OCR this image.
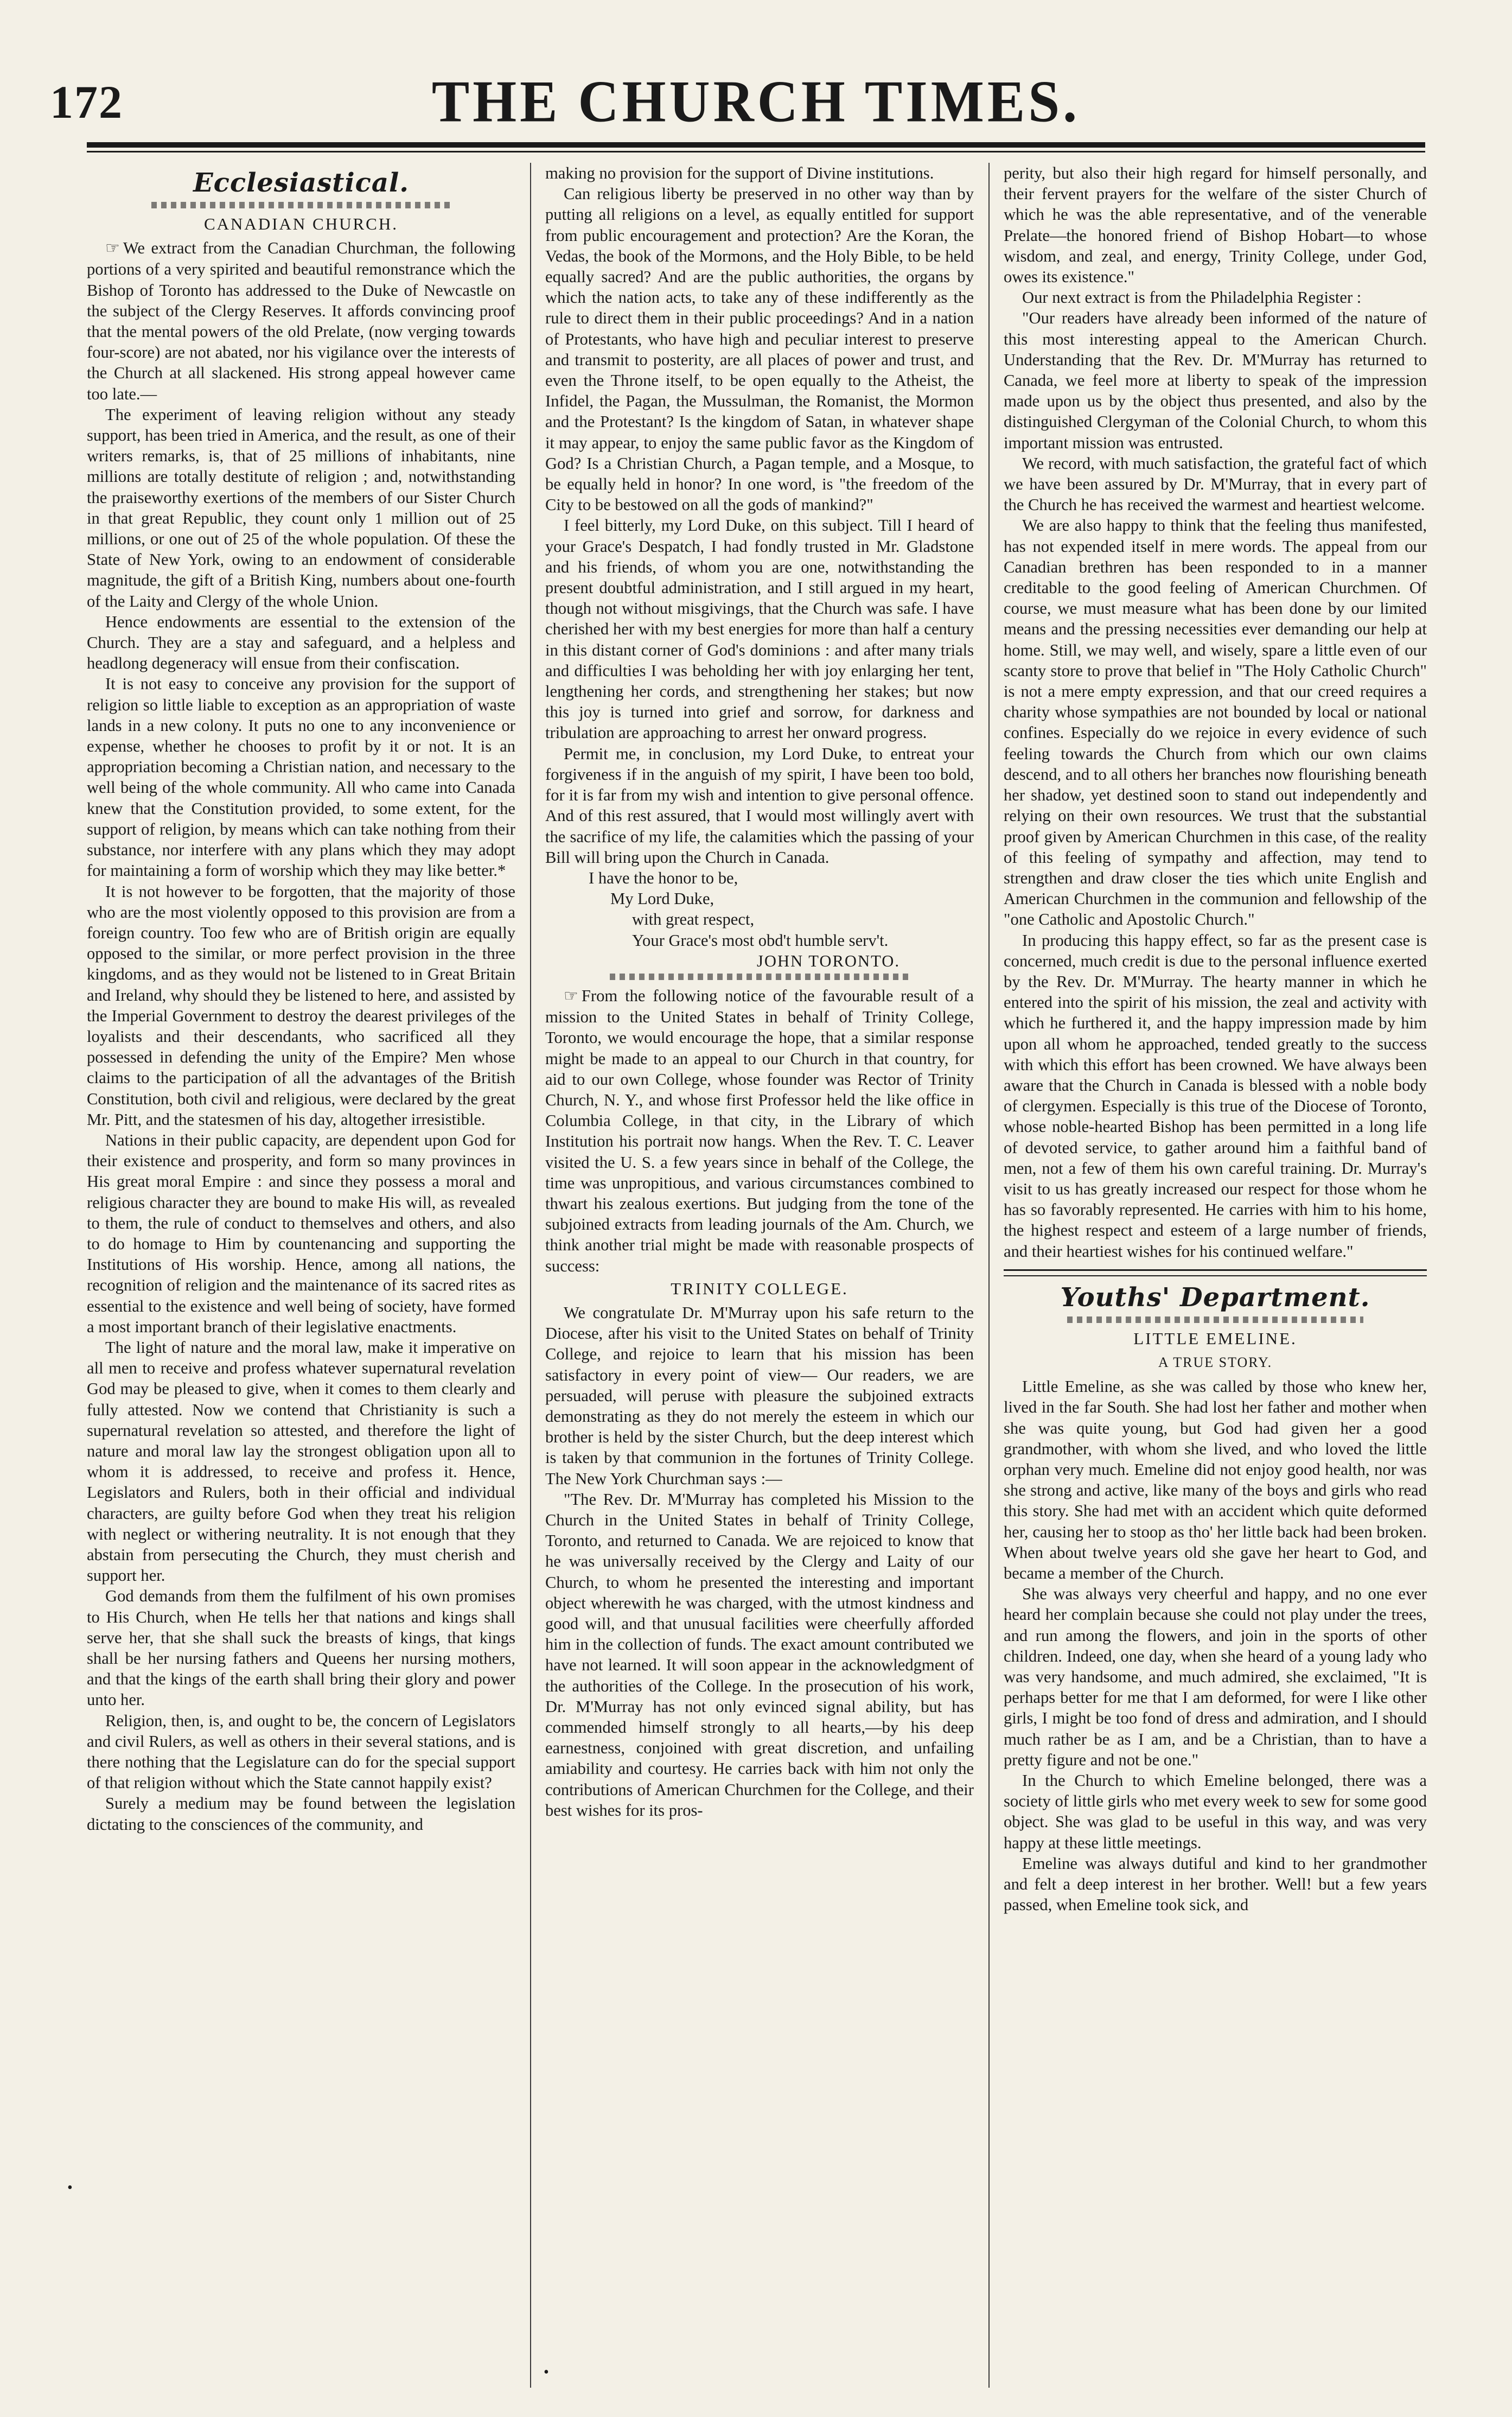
172	THE CHURCH TIMES.
Ecclesiastical.
CANADIAN CHURCH.

☞ We extract from the Canadian Churchman, the following portions of a very spirited and beautiful remonstrance which the Bishop of Toronto has addressed to the Duke of Newcastle on the subject of the Clergy Reserves. It affords convincing proof that the mental powers of the old Prelate, (now verging towards four-score) are not abated, nor his vigilance over the interests of the Church at all slackened. His strong appeal however came too late.—

The experiment of leaving religion without any steady support, has been tried in America, and the result, as one of their writers remarks, is, that of 25 millions of inhabitants, nine millions are totally destitute of religion ; and, notwithstanding the praiseworthy exertions of the members of our Sister Church in that great Republic, they count only 1 million out of 25 millions, or one out of 25 of the whole population. Of these the State of New York, owing to an endowment of considerable magnitude, the gift of a British King, numbers about one-fourth of the Laity and Clergy of the whole Union.

Hence endowments are essential to the extension of the Church. They are a stay and safeguard, and a helpless and headlong degeneracy will ensue from their confiscation.

It is not easy to conceive any provision for the support of religion so little liable to exception as an appropriation of waste lands in a new colony. It puts no one to any inconvenience or expense, whether he chooses to profit by it or not. It is an appropriation becoming a Christian nation, and necessary to the well being of the whole community. All who came into Canada knew that the Constitution provided, to some extent, for the support of religion, by means which can take nothing from their substance, nor interfere with any plans which they may adopt for maintaining a form of worship which they may like better.*

It is not however to be forgotten, that the majority of those who are the most violently opposed to this provision are from a foreign country. Too few who are of British origin are equally opposed to the similar, or more perfect provision in the three kingdoms, and as they would not be listened to in Great Britain and Ireland, why should they be listened to here, and assisted by the Imperial Government to destroy the dearest privileges of the loyalists and their descendants, who sacrificed all they possessed in defending the unity of the Empire? Men whose claims to the participation of all the advantages of the British Constitution, both civil and religious, were declared by the great Mr. Pitt, and the statesmen of his day, altogether irresistible.

Nations in their public capacity, are dependent upon God for their existence and prosperity, and form so many provinces in His great moral Empire : and since they possess a moral and religious character they are bound to make His will, as revealed to them, the rule of conduct to themselves and others, and also to do homage to Him by countenancing and supporting the Institutions of His worship. Hence, among all nations, the recognition of religion and the maintenance of its sacred rites as essential to the existence and well being of society, have formed a most important branch of their legislative enactments.

The light of nature and the moral law, make it imperative on all men to receive and profess whatever supernatural revelation God may be pleased to give, when it comes to them clearly and fully attested. Now we contend that Christianity is such a supernatural revelation so attested, and therefore the light of nature and moral law lay the strongest obligation upon all to whom it is addressed, to receive and profess it. Hence, Legislators and Rulers, both in their official and individual characters, are guilty before God when they treat his religion with neglect or withering neutrality. It is not enough that they abstain from persecuting the Church, they must cherish and support her.

God demands from them the fulfilment of his own promises to His Church, when He tells her that nations and kings shall serve her, that she shall suck the breasts of kings, that kings shall be her nursing fathers and Queens her nursing mothers, and that the kings of the earth shall bring their glory and power unto her.

Religion, then, is, and ought to be, the concern of Legislators and civil Rulers, as well as others in their several stations, and is there nothing that the Legislature can do for the special support of that religion without which the State cannot happily exist?

Surely a medium may be found between the legislation dictating to the consciences of the community, and

making no provision for the support of Divine institutions.

Can religious liberty be preserved in no other way than by putting all religions on a level, as equally entitled for support from public encouragement and protection? Are the Koran, the Vedas, the book of the Mormons, and the Holy Bible, to be held equally sacred? And are the public authorities, the organs by which the nation acts, to take any of these indifferently as the rule to direct them in their public proceedings? And in a nation of Protestants, who have high and peculiar interest to preserve and transmit to posterity, are all places of power and trust, and even the Throne itself, to be open equally to the Atheist, the Infidel, the Pagan, the Mussulman, the Romanist, the Mormon and the Protestant? Is the kingdom of Satan, in whatever shape it may appear, to enjoy the same public favor as the Kingdom of God? Is a Christian Church, a Pagan temple, and a Mosque, to be equally held in honor? In one word, is "the freedom of the City to be bestowed on all the gods of mankind?"

I feel bitterly, my Lord Duke, on this subject. Till I heard of your Grace's Despatch, I had fondly trusted in Mr. Gladstone and his friends, of whom you are one, notwithstanding the present doubtful administration, and I still argued in my heart, though not without misgivings, that the Church was safe. I have cherished her with my best energies for more than half a century in this distant corner of God's dominions : and after many trials and difficulties I was beholding her with joy enlarging her tent, lengthening her cords, and strengthening her stakes; but now this joy is turned into grief and sorrow, for darkness and tribulation are approaching to arrest her onward progress.

Permit me, in conclusion, my Lord Duke, to entreat your forgiveness if in the anguish of my spirit, I have been too bold, for it is far from my wish and intention to give personal offence. And of this rest assured, that I would most willingly avert with the sacrifice of my life, the calamities which the passing of your Bill will bring upon the Church in Canada.

I have the honor to be,
My Lord Duke,
with great respect,
Your Grace's most obd't humble serv't.
JOHN TORONTO.

☞ From the following notice of the favourable result of a mission to the United States in behalf of Trinity College, Toronto, we would encourage the hope, that a similar response might be made to an appeal to our Church in that country, for aid to our own College, whose founder was Rector of Trinity Church, N. Y., and whose first Professor held the like office in Columbia College, in that city, in the Library of which Institution his portrait now hangs. When the Rev. T. C. Leaver visited the U. S. a few years since in behalf of the College, the time was unpropitious, and various circumstances combined to thwart his zealous exertions. But judging from the tone of the subjoined extracts from leading journals of the Am. Church, we think another trial might be made with reasonable prospects of success:

TRINITY COLLEGE.

We congratulate Dr. M'Murray upon his safe return to the Diocese, after his visit to the United States on behalf of Trinity College, and rejoice to learn that his mission has been satisfactory in every point of view— Our readers, we are persuaded, will peruse with pleasure the subjoined extracts demonstrating as they do not merely the esteem in which our brother is held by the sister Church, but the deep interest which is taken by that communion in the fortunes of Trinity College. The New York Churchman says :—

"The Rev. Dr. M'Murray has completed his Mission to the Church in the United States in behalf of Trinity College, Toronto, and returned to Canada. We are rejoiced to know that he was universally received by the Clergy and Laity of our Church, to whom he presented the interesting and important object wherewith he was charged, with the utmost kindness and good will, and that unusual facilities were cheerfully afforded him in the collection of funds. The exact amount contributed we have not learned. It will soon appear in the acknowledgment of the authorities of the College. In the prosecution of his work, Dr. M'Murray has not only evinced signal ability, but has commended himself strongly to all hearts,—by his deep earnestness, conjoined with great discretion, and unfailing amiability and courtesy. He carries back with him not only the contributions of American Churchmen for the College, and their best wishes for its pros-

perity, but also their high regard for himself personally, and their fervent prayers for the welfare of the sister Church of which he was the able representative, and of the venerable Prelate—the honored friend of Bishop Hobart—to whose wisdom, and zeal, and energy, Trinity College, under God, owes its existence."

Our next extract is from the Philadelphia Register :

"Our readers have already been informed of the nature of this most interesting appeal to the American Church. Understanding that the Rev. Dr. M'Murray has returned to Canada, we feel more at liberty to speak of the impression made upon us by the object thus presented, and also by the distinguished Clergyman of the Colonial Church, to whom this important mission was entrusted.

We record, with much satisfaction, the grateful fact of which we have been assured by Dr. M'Murray, that in every part of the Church he has received the warmest and heartiest welcome.

We are also happy to think that the feeling thus manifested, has not expended itself in mere words. The appeal from our Canadian brethren has been responded to in a manner creditable to the good feeling of American Churchmen. Of course, we must measure what has been done by our limited means and the pressing necessities ever demanding our help at home. Still, we may well, and wisely, spare a little even of our scanty store to prove that belief in "The Holy Catholic Church" is not a mere empty expression, and that our creed requires a charity whose sympathies are not bounded by local or national confines. Especially do we rejoice in every evidence of such feeling towards the Church from which our own claims descend, and to all others her branches now flourishing beneath her shadow, yet destined soon to stand out independently and relying on their own resources. We trust that the substantial proof given by American Churchmen in this case, of the reality of this feeling of sympathy and affection, may tend to strengthen and draw closer the ties which unite English and American Churchmen in the communion and fellowship of the "one Catholic and Apostolic Church."

In producing this happy effect, so far as the present case is concerned, much credit is due to the personal influence exerted by the Rev. Dr. M'Murray. The hearty manner in which he entered into the spirit of his mission, the zeal and activity with which he furthered it, and the happy impression made by him upon all whom he approached, tended greatly to the success with which this effort has been crowned. We have always been aware that the Church in Canada is blessed with a noble body of clergymen. Especially is this true of the Diocese of Toronto, whose noble-hearted Bishop has been permitted in a long life of devoted service, to gather around him a faithful band of men, not a few of them his own careful training. Dr. Murray's visit to us has greatly increased our respect for those whom he has so favorably represented. He carries with him to his home, the highest respect and esteem of a large number of friends, and their heartiest wishes for his continued welfare."

Youths' Department.
LITTLE EMELINE.
A TRUE STORY.

Little Emeline, as she was called by those who knew her, lived in the far South. She had lost her father and mother when she was quite young, but God had given her a good grandmother, with whom she lived, and who loved the little orphan very much. Emeline did not enjoy good health, nor was she strong and active, like many of the boys and girls who read this story. She had met with an accident which quite deformed her, causing her to stoop as tho' her little back had been broken. When about twelve years old she gave her heart to God, and became a member of the Church.

She was always very cheerful and happy, and no one ever heard her complain because she could not play under the trees, and run among the flowers, and join in the sports of other children. Indeed, one day, when she heard of a young lady who was very handsome, and much admired, she exclaimed, "It is perhaps better for me that I am deformed, for were I like other girls, I might be too fond of dress and admiration, and I should much rather be as I am, and be a Christian, than to have a pretty figure and not be one."

In the Church to which Emeline belonged, there was a society of little girls who met every week to sew for some good object. She was glad to be useful in this way, and was very happy at these little meetings.

Emeline was always dutiful and kind to her grandmother and felt a deep interest in her brother. Well! but a few years passed, when Emeline took sick, and

•
•
